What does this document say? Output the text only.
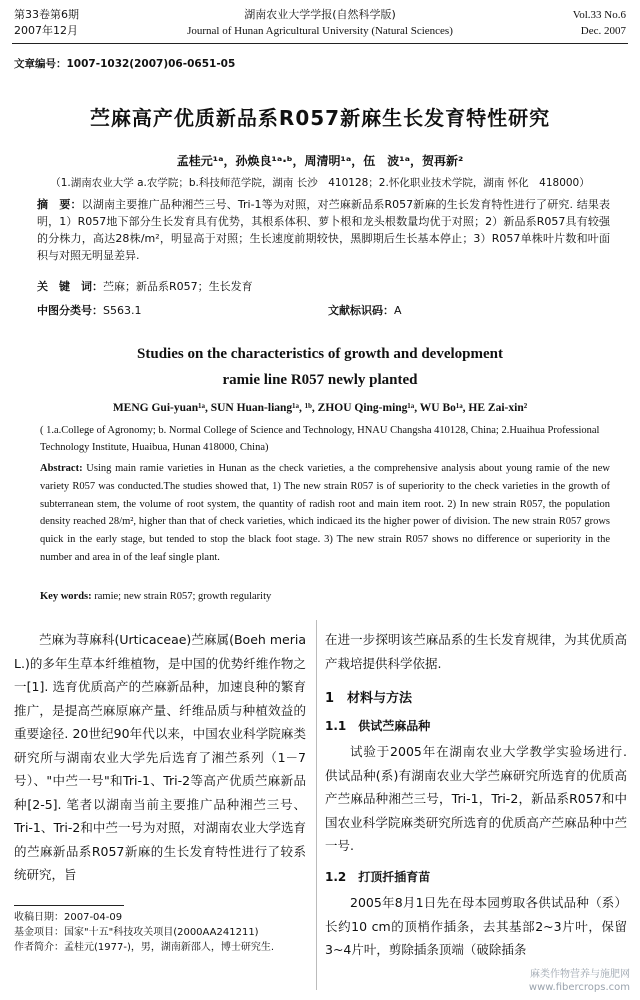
第33卷第6期
2007年12月
湖南农业大学学报(自然科学版)
Journal of Hunan Agricultural University (Natural Sciences)
Vol.33 No.6
Dec. 2007
文章编号：1007-1032(2007)06-0651-05
苎麻高产优质新品系R057新麻生长发育特性研究
孟桂元¹ᵃ，孙焕良¹ᵃ·ᵇ，周清明¹ᵃ，伍　波¹ᵃ，贺再新²
（1.湖南农业大学 a.农学院；b.科技师范学院，湖南 长沙　410128；2.怀化职业技术学院，湖南 怀化　418000）
摘　要：以湖南主要推广品种湘苎三号、Tri-1等为对照，对苎麻新品系R057新麻的生长发育特性进行了研究. 结果表明，1）R057地下部分生长发育具有优势，其根系体积、萝卜根和龙头根数量均优于对照；2）新品系R057具有较强的分株力，高达28株/m²，明显高于对照；生长速度前期较快，黑脚期后生长基本停止；3）R057单株叶片数和叶面积与对照无明显差异.
关　键　词：苎麻；新品系R057；生长发育
中图分类号：S563.1	文献标识码：A
Studies on the characteristics of growth and development
ramie line R057 newly planted
MENG Gui-yuan¹ᵃ, SUN Huan-liang¹ᵃ, ¹ᵇ, ZHOU Qing-ming¹ᵃ, WU Bo¹ᵃ, HE Zai-xin²
( 1.a.College of Agronomy; b. Normal College of Science and Technology, HNAU Changsha 410128, China; 2.Huaihua Professional Technology Institute, Huaibua, Hunan 418000, China)
Abstract: Using main ramie varieties in Hunan as the check varieties, a the comprehensive analysis about young ramie of the new variety R057 was conducted.The studies showed that, 1) The new strain R057 is of superiority to the check varieties in the growth of subterranean stem, the volume of root system, the quantity of radish root and main item root. 2) In new strain R057, the population density reached 28/m², higher than that of check varieties, which indicaed its the higher power of division. The new strain R057 grows quick in the early stage, but tended to stop the black foot stage. 3) The new strain R057 shows no difference or superiority in the number and area in of the leaf single plant.
Key words: ramie; new strain R057; growth regularity
苎麻为荨麻科(Urticaceae)苎麻属(Boeh meria L.)的多年生草本纤维植物，是中国的优势纤维作物之一[1]. 选育优质高产的苎麻新品种，加速良种的繁育推广，是提高苎麻原麻产量、纤维品质与种植效益的重要途径. 20世纪90年代以来，中国农业科学院麻类研究所与湖南农业大学先后选育了湘苎系列（1－7号）、"中苎一号"和Tri-1、Tri-2等高产优质苎麻新品种[2-5]. 笔者以湖南当前主要推广品种湘苎三号、Tri-1、Tri-2和中苎一号为对照，对湖南农业大学选育的苎麻新品系R057新麻的生长发育特性进行了较系统研究，旨
收稿日期：2007-04-09
基金项目：国家"十五"科技攻关项目(2000AA241211)
作者简介：孟桂元(1977-)，男，湖南新邵人，博士研究生.
在进一步探明该苎麻品系的生长发育规律，为其优质高产栽培提供科学依据.
1　材料与方法
1.1　供试苎麻品种
试验于2005年在湖南农业大学教学实验场进行. 供试品种(系)有湖南农业大学苎麻研究所选育的优质高产苎麻品种湘苎三号，Tri-1，Tri-2，新品系R057和中国农业科学院麻类研究所选育的优质高产苎麻品种中苎一号.
1.2　打顶扦插育苗
2005年8月1日先在母本园剪取各供试品种（系）长约10 cm的顶梢作插条，去其基部2~3片叶，保留3~4片叶，剪除插条顶端（破除插条
麻类作物营养与施肥网
www.fibercrops.com
